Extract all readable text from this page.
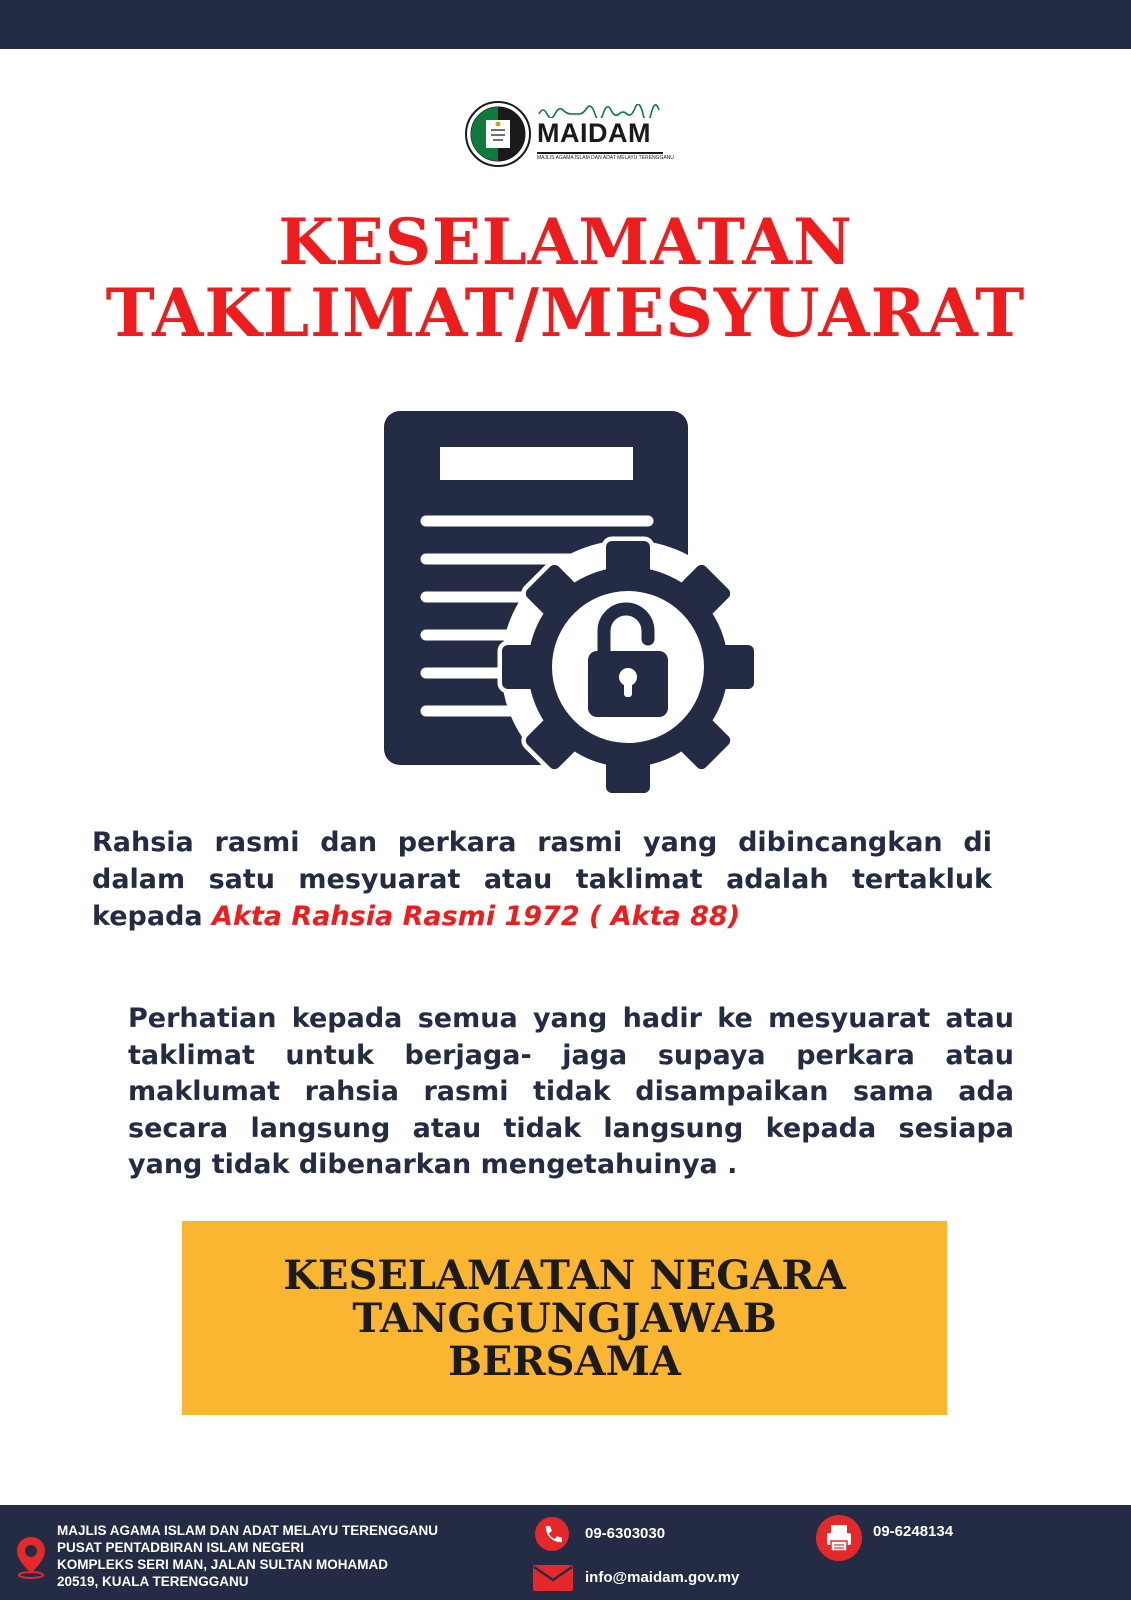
MAIDAM
MAJLIS AGAMA ISLAM DAN ADAT MELAYU TERENGGANU
KESELAMATAN
TAKLIMAT/MESYUARAT
Rahsia rasmi dan perkara rasmi yang dibincangkan di dalam satu mesyuarat atau taklimat adalah tertakluk kepada Akta Rahsia Rasmi 1972 ( Akta 88)
Perhatian kepada semua yang hadir ke mesyuarat atau taklimat untuk berjaga- jaga supaya perkara atau maklumat rahsia rasmi tidak disampaikan sama ada secara langsung atau tidak langsung kepada sesiapa yang tidak dibenarkan mengetahuinya .
KESELAMATAN NEGARA
TANGGUNGJAWAB
BERSAMA
MAJLIS AGAMA ISLAM DAN ADAT MELAYU TERENGGANU
PUSAT PENTADBIRAN ISLAM NEGERI
KOMPLEKS SERI MAN, JALAN SULTAN MOHAMAD
20519, KUALA TERENGGANU
09-6303030
info@maidam.gov.my
09-6248134
